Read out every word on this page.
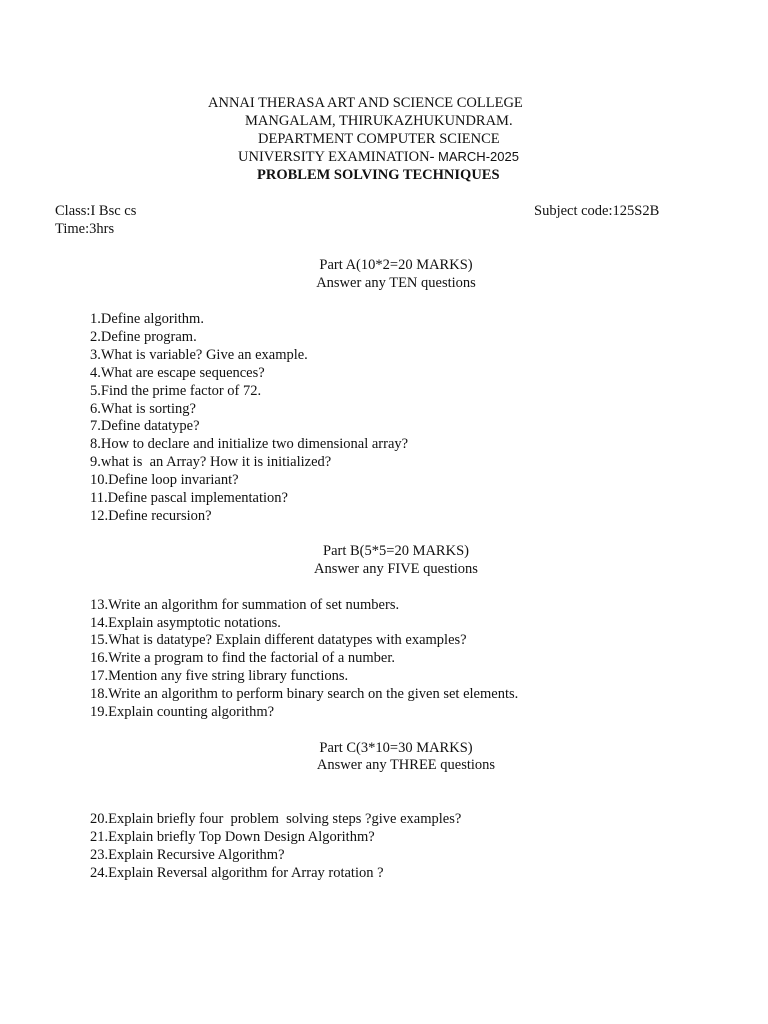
ANNAI THERASA ART AND SCIENCE COLLEGE
MANGALAM, THIRUKAZHUKUNDRAM.
DEPARTMENT COMPUTER SCIENCE
UNIVERSITY EXAMINATION- MARCH-2025
PROBLEM SOLVING TECHNIQUES
Class:I Bsc cs	Subject code:125S2B
Time:3hrs
Part A(10*2=20 MARKS)
Answer any TEN questions
1.Define algorithm.
2.Define program.
3.What is variable? Give an example.
4.What are escape sequences?
5.Find the prime factor of 72.
6.What is sorting?
7.Define datatype?
8.How to declare and initialize two dimensional array?
9.what is  an Array? How it is initialized?
10.Define loop invariant?
11.Define pascal implementation?
12.Define recursion?
Part B(5*5=20 MARKS)
Answer any FIVE questions
13.Write an algorithm for summation of set numbers.
14.Explain asymptotic notations.
15.What is datatype? Explain different datatypes with examples?
16.Write a program to find the factorial of a number.
17.Mention any five string library functions.
18.Write an algorithm to perform binary search on the given set elements.
19.Explain counting algorithm?
Part C(3*10=30 MARKS)
Answer any THREE questions
20.Explain briefly four  problem  solving steps ?give examples?
21.Explain briefly Top Down Design Algorithm?
23.Explain Recursive Algorithm?
24.Explain Reversal algorithm for Array rotation ?
